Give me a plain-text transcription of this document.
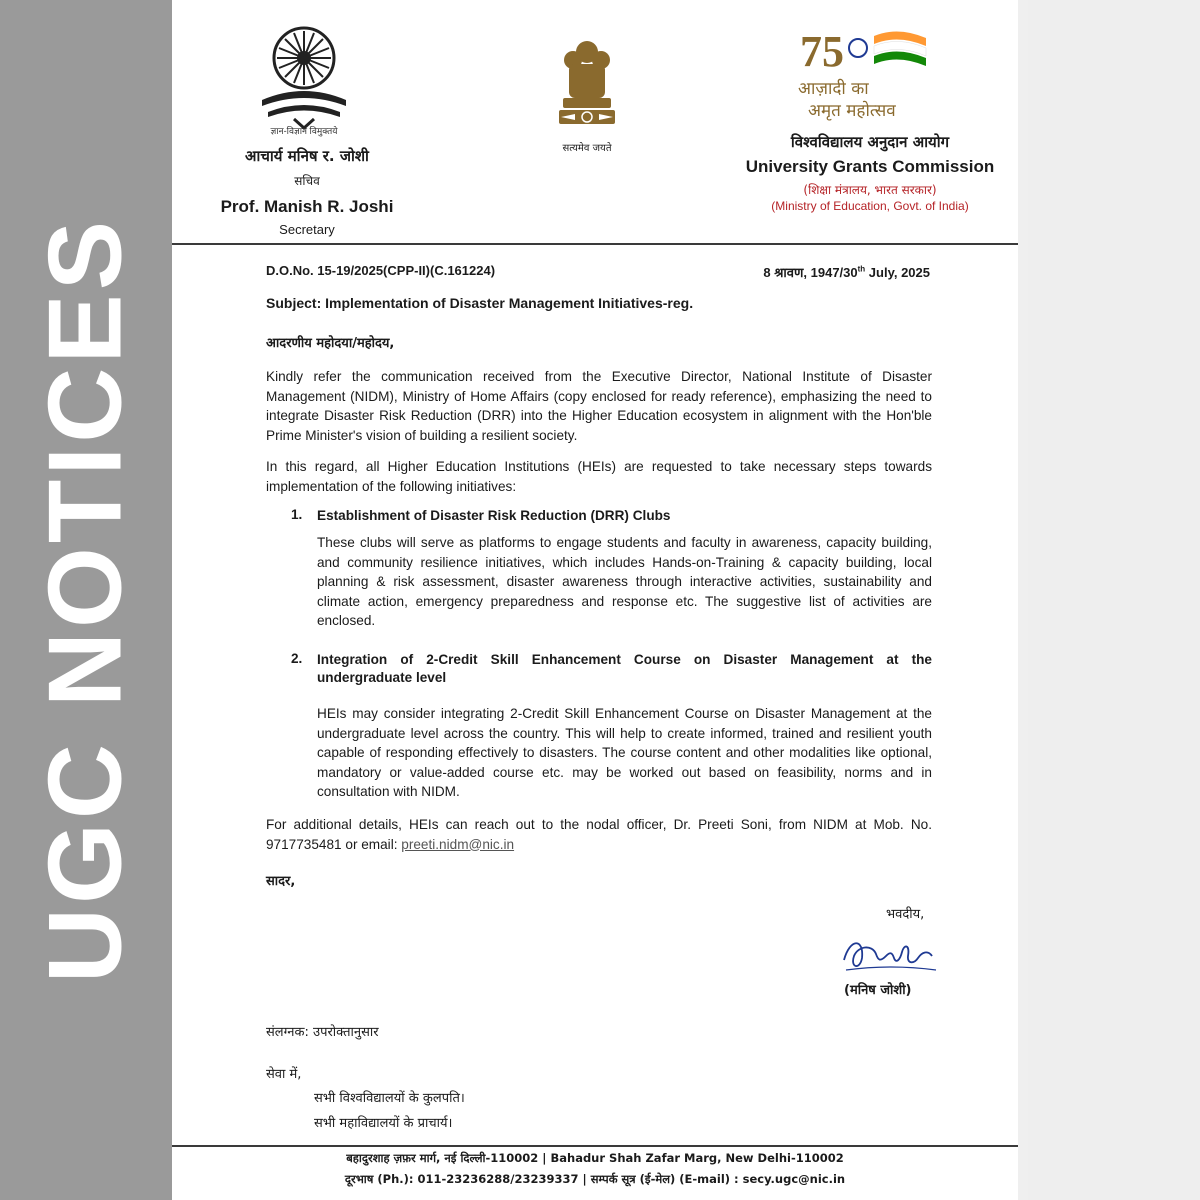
UGC NOTICES
ज्ञान-विज्ञान विमुक्तये
आचार्य मनिष र. जोशी
सचिव
Prof. Manish R. Joshi
Secretary
सत्यमेव जयते
75
आज़ादी का
अमृत महोत्सव
विश्वविद्यालय अनुदान आयोग
University Grants Commission
(शिक्षा मंत्रालय, भारत सरकार)
(Ministry of Education, Govt. of India)
D.O.No. 15-19/2025(CPP-II)(C.161224)	8 श्रावण, 1947/30th July, 2025
Subject: Implementation of Disaster Management Initiatives-reg.
आदरणीय महोदया/महोदय,
Kindly refer the communication received from the Executive Director, National Institute of Disaster Management (NIDM), Ministry of Home Affairs (copy enclosed for ready reference), emphasizing the need to integrate Disaster Risk Reduction (DRR) into the Higher Education ecosystem in alignment with the Hon'ble Prime Minister's vision of building a resilient society.
In this regard, all Higher Education Institutions (HEIs) are requested to take necessary steps towards implementation of the following initiatives:
1. Establishment of Disaster Risk Reduction (DRR) Clubs
These clubs will serve as platforms to engage students and faculty in awareness, capacity building, and community resilience initiatives, which includes Hands-on-Training & capacity building, local planning & risk assessment, disaster awareness through interactive activities, sustainability and climate action, emergency preparedness and response etc. The suggestive list of activities are enclosed.
2. Integration of 2-Credit Skill Enhancement Course on Disaster Management at the undergraduate level
HEIs may consider integrating 2-Credit Skill Enhancement Course on Disaster Management at the undergraduate level across the country. This will help to create informed, trained and resilient youth capable of responding effectively to disasters. The course content and other modalities like optional, mandatory or value-added course etc. may be worked out based on feasibility, norms and in consultation with NIDM.
For additional details, HEIs can reach out to the nodal officer, Dr. Preeti Soni, from NIDM at Mob. No. 9717735481 or email: preeti.nidm@nic.in
सादर,
भवदीय,
(मनिष जोशी)
संलग्नक: उपरोक्तानुसार
सेवा में,
सभी विश्वविद्यालयों के कुलपति।
सभी महाविद्यालयों के प्राचार्य।
बहादुरशाह ज़फ़र मार्ग, नई दिल्ली-110002 | Bahadur Shah Zafar Marg, New Delhi-110002
दूरभाष (Ph.): 011-23236288/23239337 | सम्पर्क सूत्र (ई-मेल) (E-mail) : secy.ugc@nic.in
